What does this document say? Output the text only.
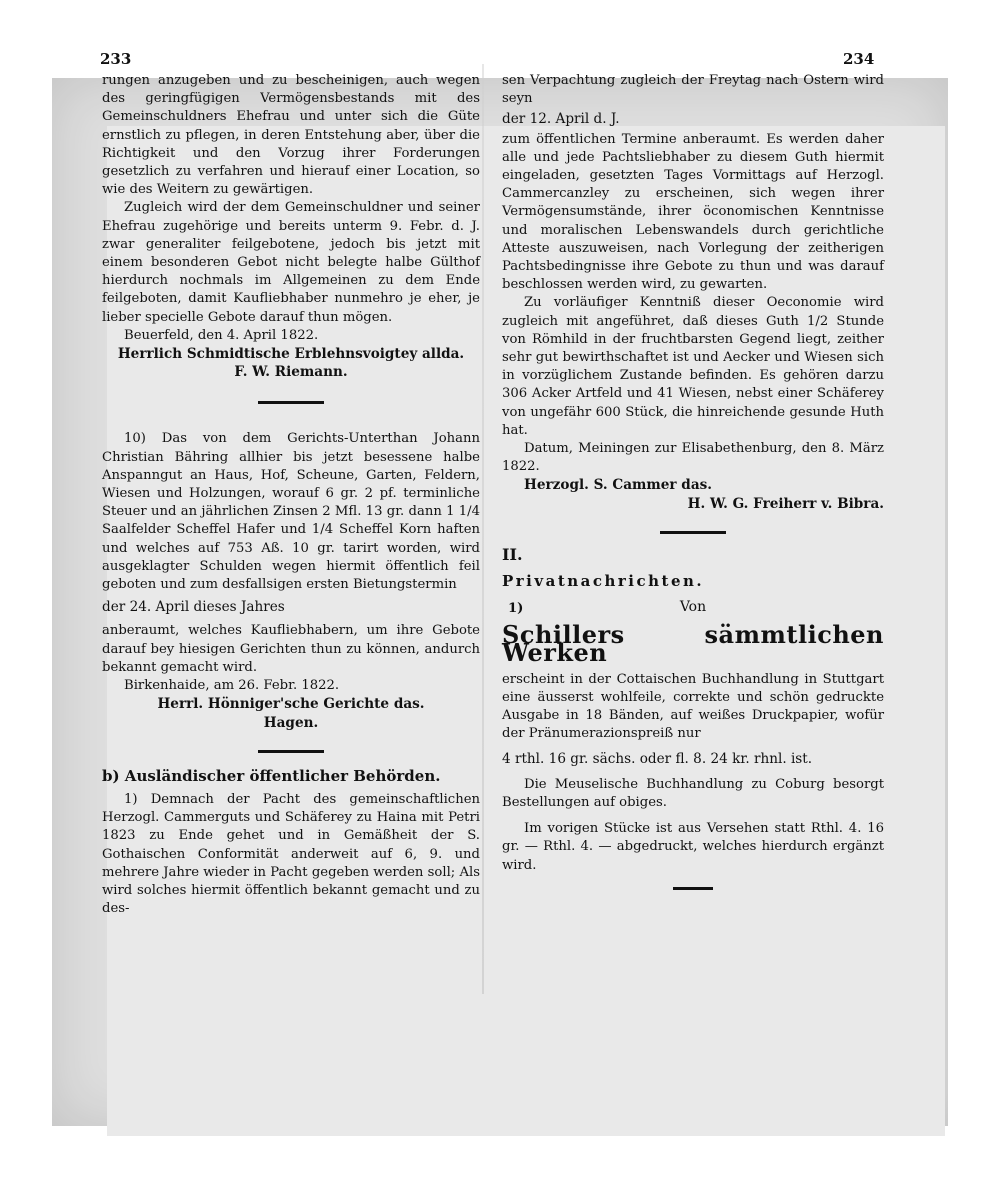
233	234

rungen anzugeben und zu bescheinigen, auch wegen des geringfügigen Vermögensbestands mit des Gemeinschuldners Ehefrau und unter sich die Güte ernstlich zu pflegen, in deren Entstehung aber, über die Richtigkeit und den Vorzug ihrer Forderungen gesetzlich zu verfahren und hierauf einer Location, so wie des Weitern zu gewärtigen.

Zugleich wird der dem Gemeinschuldner und seiner Ehefrau zugehörige und bereits unterm 9. Febr. d. J. zwar generaliter feilgebotene, jedoch bis jetzt mit einem besonderen Gebot nicht belegte halbe Gülthof hierdurch nochmals im Allgemeinen zu dem Ende feilgeboten, damit Kaufliebhaber nunmehro je eher, je lieber specielle Gebote darauf thun mögen.

Beuerfeld, den 4. April 1822.

Herrlich Schmidtische Erblehnsvoigtey allda.

F. W. Riemann.

10) Das von dem Gerichts-Unterthan Johann Christian Bähring allhier bis jetzt besessene halbe Anspanngut an Haus, Hof, Scheune, Garten, Feldern, Wiesen und Holzungen, worauf 6 gr. 2 pf. terminliche Steuer und an jährlichen Zinsen 2 Mfl. 13 gr. dann 1 1/4 Saalfelder Scheffel Hafer und 1/4 Scheffel Korn haften und welches auf 753 Aß. 10 gr. tarirt worden, wird ausgeklagter Schulden wegen hiermit öffentlich feil geboten und zum desfallsigen ersten Bietungstermin

der 24. April dieses Jahres

anberaumt, welches Kaufliebhabern, um ihre Gebote darauf bey hiesigen Gerichten thun zu können, andurch bekannt gemacht wird.

Birkenhaide, am 26. Febr. 1822.

Herrl. Hönniger'sche Gerichte das.

Hagen.

b) Ausländischer öffentlicher Behörden.

1) Demnach der Pacht des gemeinschaftlichen Herzogl. Cammerguts und Schäferey zu Haina mit Petri 1823 zu Ende gehet und in Gemäßheit der S. Gothaischen Conformität anderweit auf 6, 9. und mehrere Jahre wieder in Pacht gegeben werden soll; Als wird solches hiermit öffentlich bekannt gemacht und zu des-

sen Verpachtung zugleich der Freytag nach Ostern wird seyn

der 12. April d. J.

zum öffentlichen Termine anberaumt. Es werden daher alle und jede Pachtsliebhaber zu diesem Guth hiermit eingeladen, gesetzten Tages Vormittags auf Herzogl. Cammercanzley zu erscheinen, sich wegen ihrer Vermögensumstände, ihrer öconomischen Kenntnisse und moralischen Lebenswandels durch gerichtliche Atteste auszuweisen, nach Vorlegung der zeitherigen Pachtsbedingnisse ihre Gebote zu thun und was darauf beschlossen werden wird, zu gewarten.

Zu vorläufiger Kenntniß dieser Oeconomie wird zugleich mit angeführet, daß dieses Guth 1/2 Stunde von Römhild in der fruchtbarsten Gegend liegt, zeither sehr gut bewirthschaftet ist und Aecker und Wiesen sich in vorzüglichem Zustande befinden. Es gehören darzu 306 Acker Artfeld und 41 Wiesen, nebst einer Schäferey von ungefähr 600 Stück, die hinreichende gesunde Huth hat.

Datum, Meiningen zur Elisabethenburg, den 8. März 1822.

Herzogl. S. Cammer das.

H. W. G. Freiherr v. Bibra.

II.

Privatnachrichten.

1)	Von

Schillers sämmtlichen Werken

erscheint in der Cottaischen Buchhandlung in Stuttgart eine äusserst wohlfeile, correkte und schön gedruckte Ausgabe in 18 Bänden, auf weißes Druckpapier, wofür der Pränumerazionspreiß nur

4 rthl. 16 gr. sächs. oder fl. 8. 24 kr. rhnl. ist.

Die Meuselische Buchhandlung zu Coburg besorgt Bestellungen auf obiges.

Im vorigen Stücke ist aus Versehen statt Rthl. 4. 16 gr. — Rthl. 4. — abgedruckt, welches hierdurch ergänzt wird.
